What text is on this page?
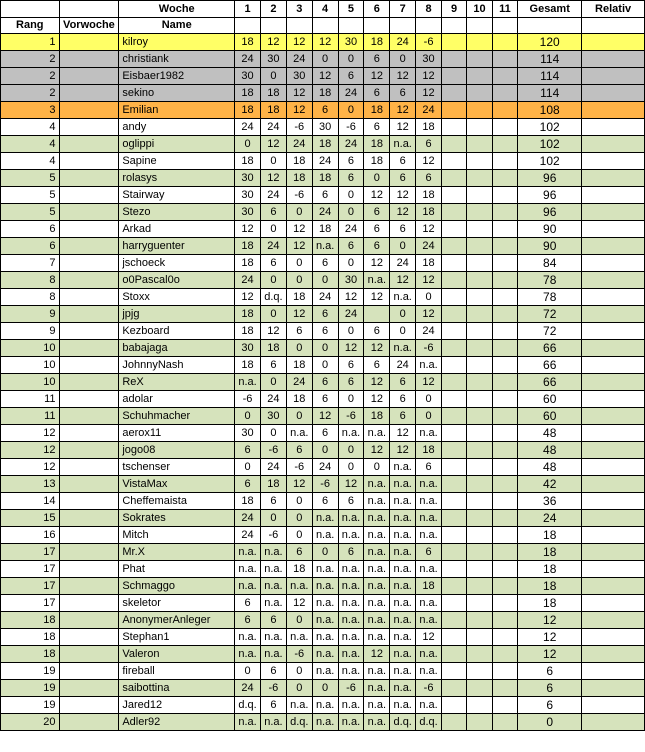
		Woche	1	2	3	4	5	6	7	8	9	10	11	Gesamt	Relativ
Rang	Vorwoche	Name													
1		kilroy	18	12	12	12	30	18	24	-6				120	
2		christiank	24	30	24	0	0	6	0	30				114	
2		Eisbaer1982	30	0	30	12	6	12	12	12				114	
2		sekino	18	18	12	18	24	6	6	12				114	
3		Emilian	18	18	12	6	0	18	12	24				108	
4		andy	24	24	-6	30	-6	6	12	18				102	
4		oglippi	0	12	24	18	24	18	n.a.	6				102	
4		Sapine	18	0	18	24	6	18	6	12				102	
5		rolasys	30	12	18	18	6	0	6	6				96	
5		Stairway	30	24	-6	6	0	12	12	18				96	
5		Stezo	30	6	0	24	0	6	12	18				96	
6		Arkad	12	0	12	18	24	6	6	12				90	
6		harryguenter	18	24	12	n.a.	6	6	0	24				90	
7		jschoeck	18	6	0	6	0	12	24	18				84	
8		o0Pascal0o	24	0	0	0	30	n.a.	12	12				78	
8		Stoxx	12	d.q.	18	24	12	12	n.a.	0				78	
9		jpjg	18	0	12	6	24		0	12				72	
9		Kezboard	18	12	6	6	0	6	0	24				72	
10		babajaga	30	18	0	0	12	12	n.a.	-6				66	
10		JohnnyNash	18	6	18	0	6	6	24	n.a.				66	
10		ReX	n.a.	0	24	6	6	12	6	12				66	
11		adolar	-6	24	18	6	0	12	6	0				60	
11		Schuhmacher	0	30	0	12	-6	18	6	0				60	
12		aerox11	30	0	n.a.	6	n.a.	n.a.	12	n.a.				48	
12		jogo08	6	-6	6	0	0	12	12	18				48	
12		tschenser	0	24	-6	24	0	0	n.a.	6				48	
13		VistaMax	6	18	12	-6	12	n.a.	n.a.	n.a.				42	
14		Cheffemaista	18	6	0	6	6	n.a.	n.a.	n.a.				36	
15		Sokrates	24	0	0	n.a.	n.a.	n.a.	n.a.	n.a.				24	
16		Mitch	24	-6	0	n.a.	n.a.	n.a.	n.a.	n.a.				18	
17		Mr.X	n.a.	n.a.	6	0	6	n.a.	n.a.	6				18	
17		Phat	n.a.	n.a.	18	n.a.	n.a.	n.a.	n.a.	n.a.				18	
17		Schmaggo	n.a.	n.a.	n.a.	n.a.	n.a.	n.a.	n.a.	18				18	
17		skeletor	6	n.a.	12	n.a.	n.a.	n.a.	n.a.	n.a.				18	
18		AnonymerAnleger	6	6	0	n.a.	n.a.	n.a.	n.a.	n.a.				12	
18		Stephan1	n.a.	n.a.	n.a.	n.a.	n.a.	n.a.	n.a.	12				12	
18		Valeron	n.a.	n.a.	-6	n.a.	n.a.	12	n.a.	n.a.				12	
19		fireball	0	6	0	n.a.	n.a.	n.a.	n.a.	n.a.				6	
19		saibottina	24	-6	0	0	-6	n.a.	n.a.	-6				6	
19		Jared12	d.q.	6	n.a.	n.a.	n.a.	n.a.	n.a.	n.a.				6	
20		Adler92	n.a.	n.a.	d.q.	n.a.	n.a.	n.a.	d.q.	d.q.				0	
